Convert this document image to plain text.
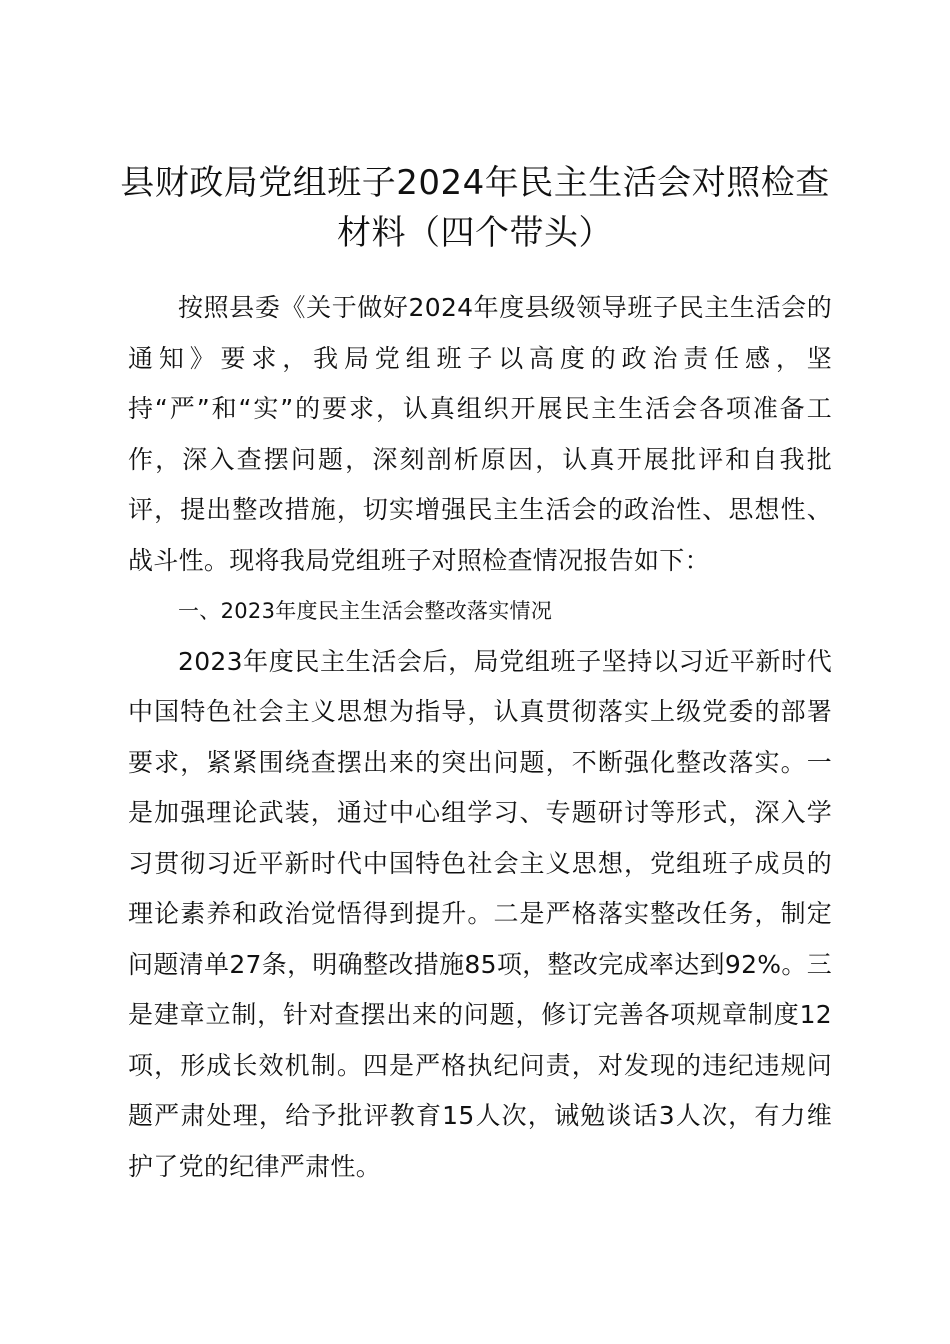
县财政局党组班子2024年民主生活会对照检查材料（四个带头）

按照县委《关于做好2024年度县级领导班子民主生活会的通知》要求，我局党组班子以高度的政治责任感，坚持“严”和“实”的要求，认真组织开展民主生活会各项准备工作，深入查摆问题，深刻剖析原因，认真开展批评和自我批评，提出整改措施，切实增强民主生活会的政治性、思想性、战斗性。现将我局党组班子对照检查情况报告如下：

一、2023年度民主生活会整改落实情况

2023年度民主生活会后，局党组班子坚持以习近平新时代中国特色社会主义思想为指导，认真贯彻落实上级党委的部署要求，紧紧围绕查摆出来的突出问题，不断强化整改落实。一是加强理论武装，通过中心组学习、专题研讨等形式，深入学习贯彻习近平新时代中国特色社会主义思想，党组班子成员的理论素养和政治觉悟得到提升。二是严格落实整改任务，制定问题清单27条，明确整改措施85项，整改完成率达到92%。三是建章立制，针对查摆出来的问题，修订完善各项规章制度12项，形成长效机制。四是严格执纪问责，对发现的违纪违规问题严肃处理，给予批评教育15人次，诫勉谈话3人次，有力维护了党的纪律严肃性。
